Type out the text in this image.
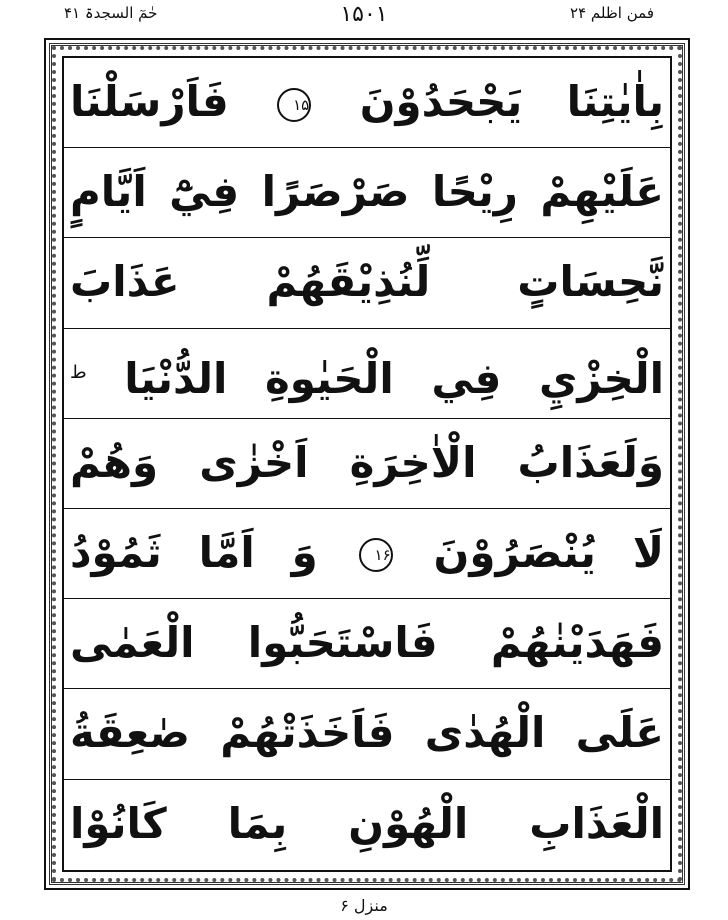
حٰمٓ السجدۃ ۴۱	۱۵۰۱	فمن اظلم ۲۴
بِاٰيٰتِنَا يَجْحَدُوْنَ ۱۵ فَاَرْسَلْنَا
عَلَيْهِمْ رِيْحًا صَرْصَرًا فِيْٓ اَيَّامٍ
نَّحِسَاتٍ لِّنُذِيْقَهُمْ عَذَابَ
الْخِزْيِ فِي الْحَيٰوةِ الدُّنْيَا $^ط$
وَلَعَذَابُ الْاٰخِرَةِ اَخْزٰى وَهُمْ
لَا يُنْصَرُوْنَ ۱۶ وَ اَمَّا ثَمُوْدُ
فَهَدَيْنٰهُمْ فَاسْتَحَبُّوا الْعَمٰى
عَلَى الْهُدٰى فَاَخَذَتْهُمْ صٰعِقَةُ
الْعَذَابِ الْهُوْنِ بِمَا كَانُوْا
منزل ۶
